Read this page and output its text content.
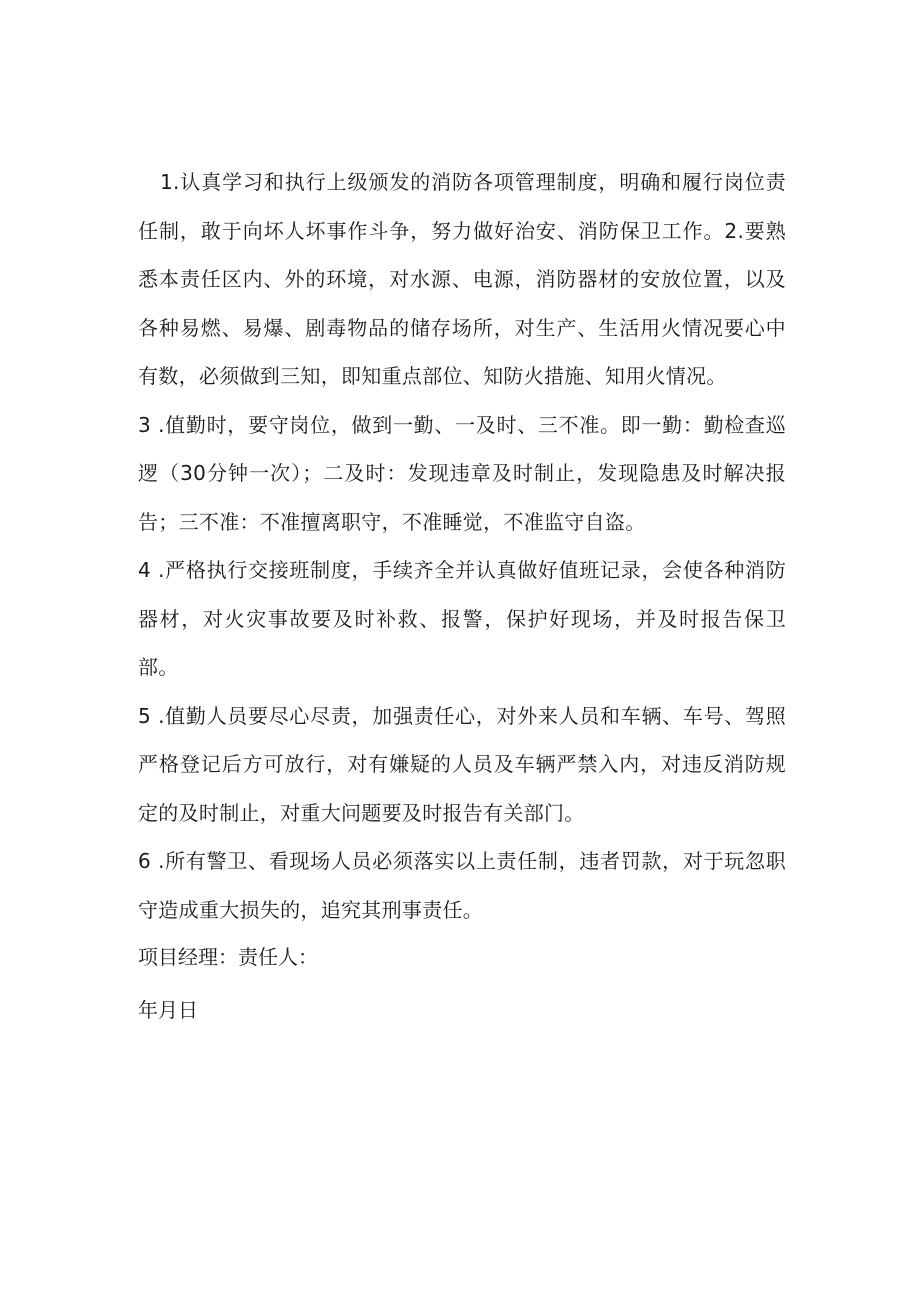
1.认真学习和执行上级颁发的消防各项管理制度，明确和履行岗位责任制，敢于向坏人坏事作斗争，努力做好治安、消防保卫工作。2.要熟悉本责任区内、外的环境，对水源、电源，消防器材的安放位置，以及各种易燃、易爆、剧毒物品的储存场所，对生产、生活用火情况要心中有数，必须做到三知，即知重点部位、知防火措施、知用火情况。

3 .值勤时，要守岗位，做到一勤、一及时、三不准。即一勤：勤检查巡逻（30分钟一次）；二及时：发现违章及时制止，发现隐患及时解决报告；三不准：不准擅离职守，不准睡觉，不准监守自盗。

4 .严格执行交接班制度，手续齐全并认真做好值班记录，会使各种消防器材，对火灾事故要及时补救、报警，保护好现场，并及时报告保卫部。

5 .值勤人员要尽心尽责，加强责任心，对外来人员和车辆、车号、驾照严格登记后方可放行，对有嫌疑的人员及车辆严禁入内，对违反消防规定的及时制止，对重大问题要及时报告有关部门。

6 .所有警卫、看现场人员必须落实以上责任制，违者罚款，对于玩忽职守造成重大损失的，追究其刑事责任。

项目经理：责任人：

年月日
